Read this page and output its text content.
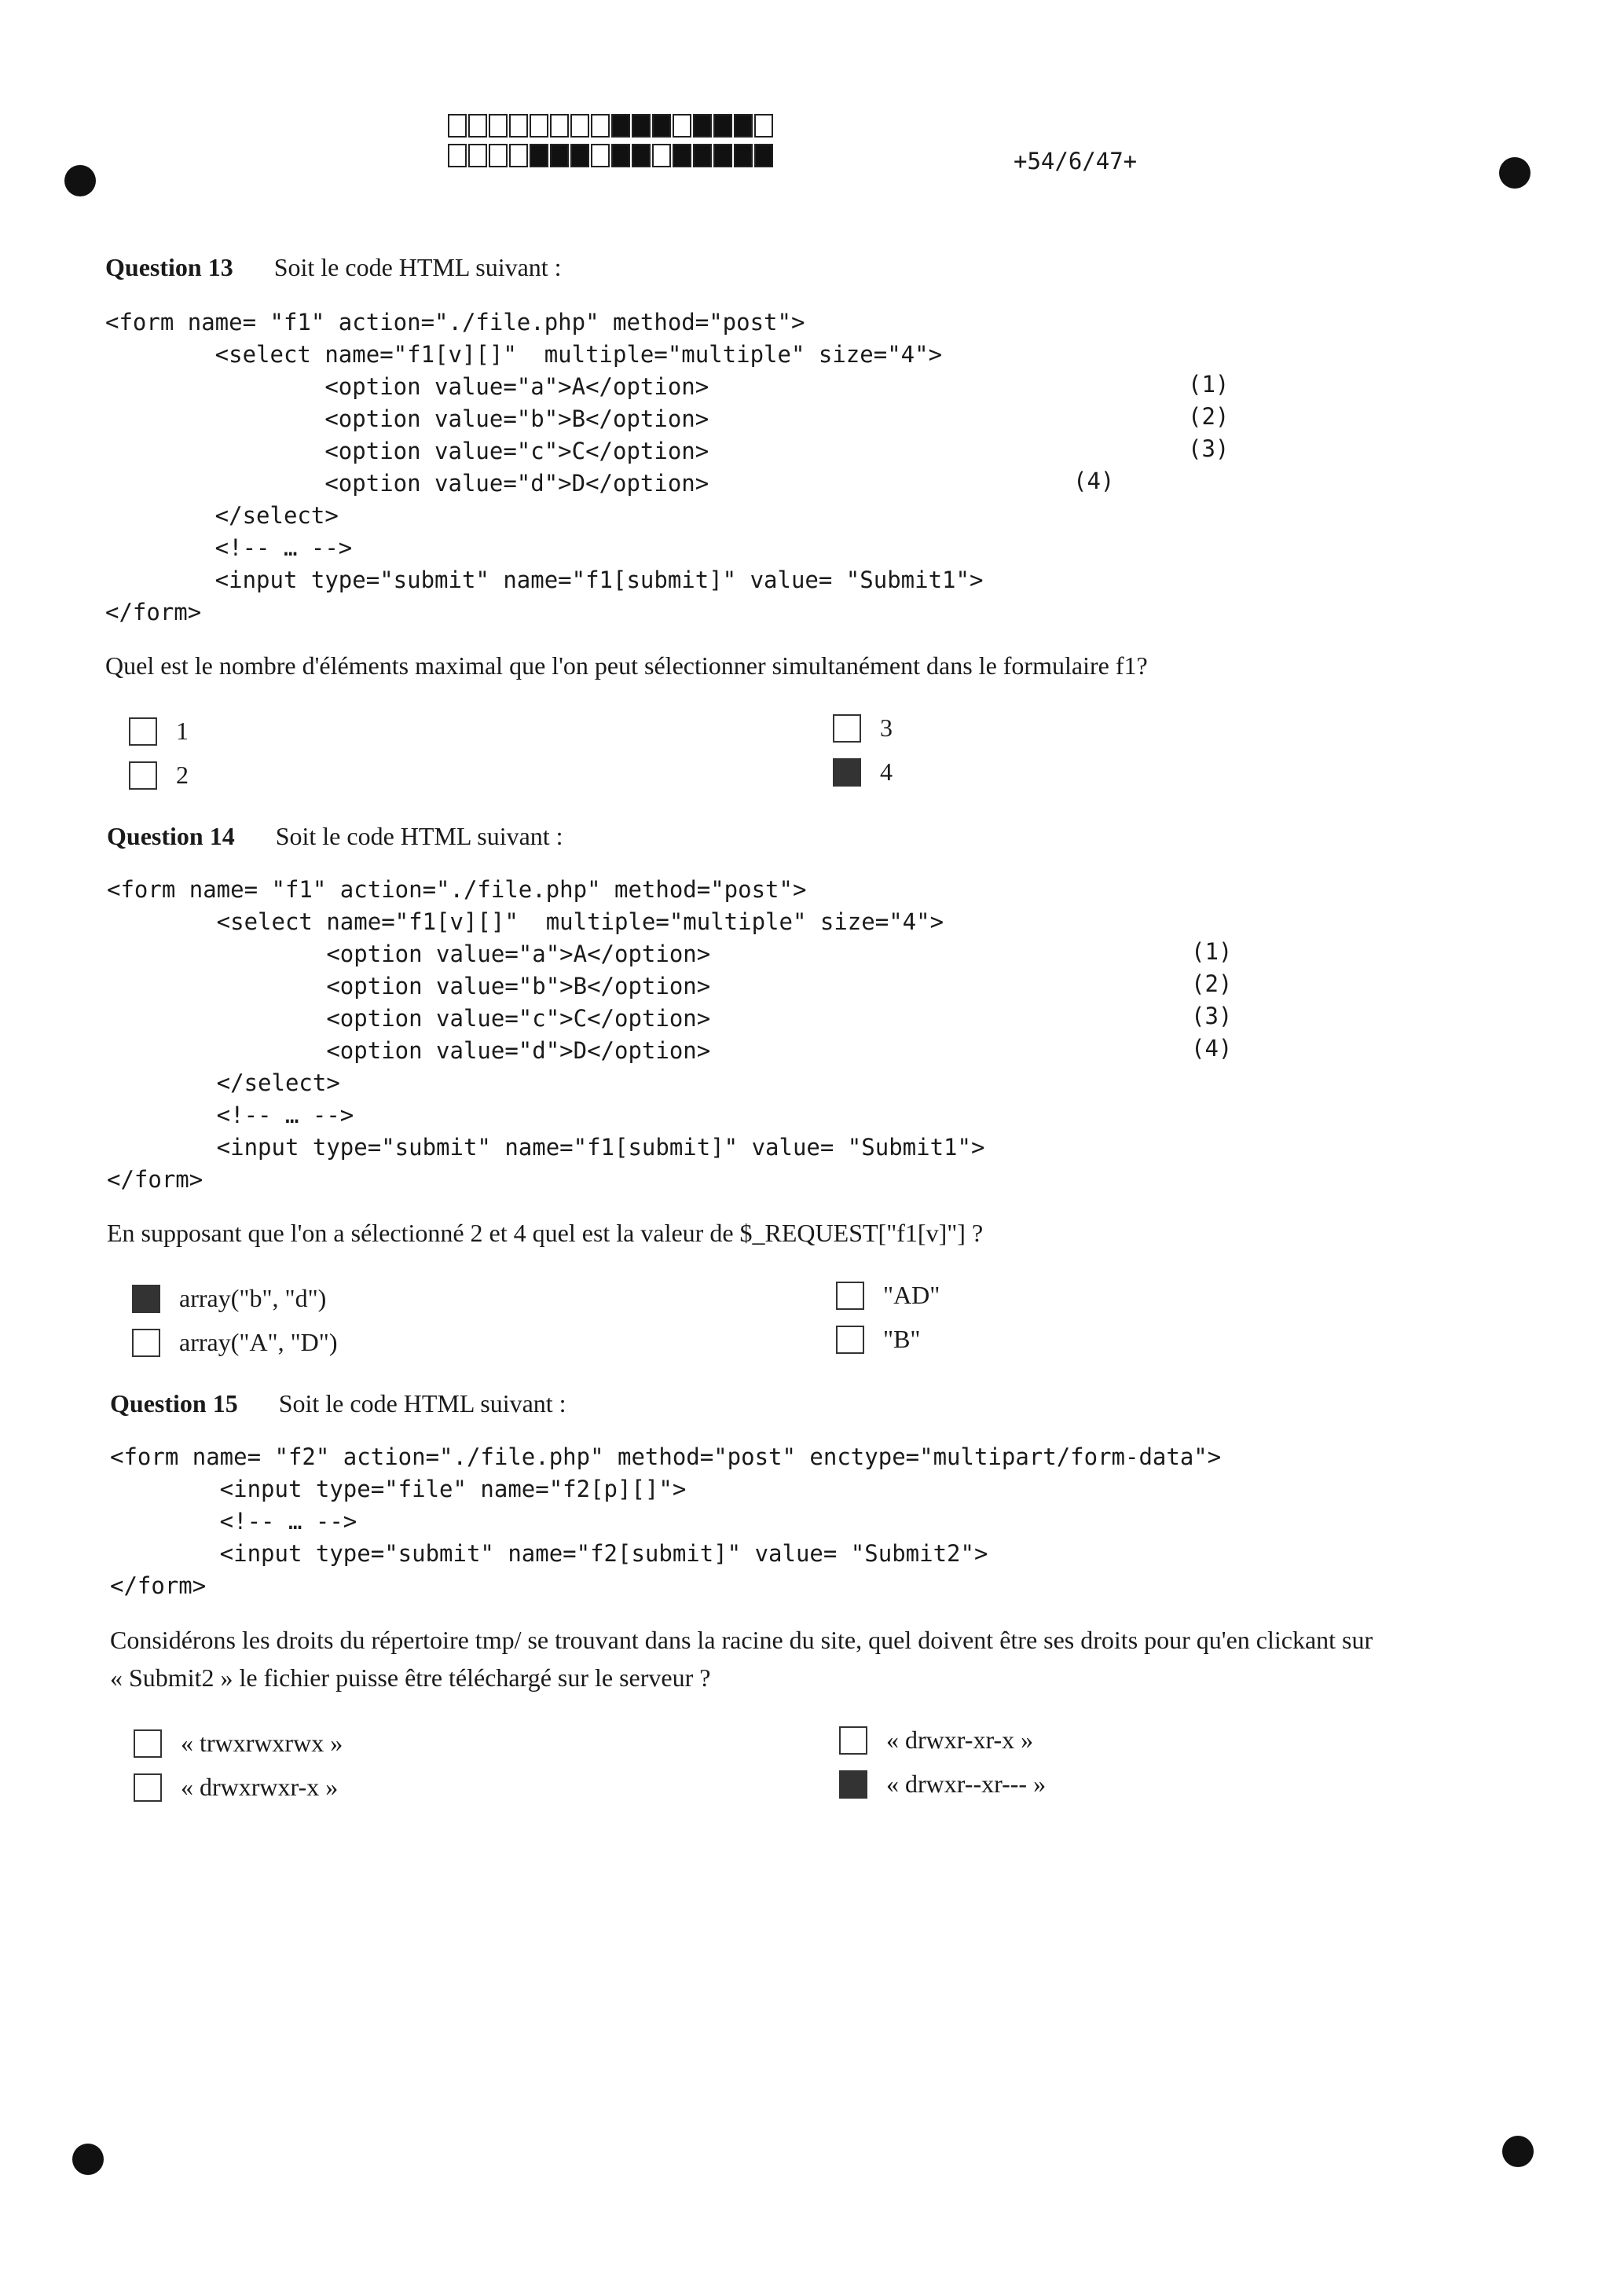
+54/6/47+
Question 13 Soit le code HTML suivant :
<form name= "f1" action="./file.php" method="post">
<select name="f1[v][]"  multiple="multiple" size="4">
<option value="a">A</option>
<option value="b">B</option>
<option value="c">C</option>
<option value="d">D</option>
</select>
<!-- … -->
<input type="submit" name="f1[submit]" value= "Submit1">
</form>
(1)
(2)
(3)
(4)
Quel est le nombre d'éléments maximal que l'on peut sélectionner simultanément dans le formulaire f1?
1
2
3
4
Question 14 Soit le code HTML suivant :
<form name= "f1" action="./file.php" method="post">
<select name="f1[v][]"  multiple="multiple" size="4">
<option value="a">A</option>
<option value="b">B</option>
<option value="c">C</option>
<option value="d">D</option>
</select>
<!-- … -->
<input type="submit" name="f1[submit]" value= "Submit1">
</form>
(1)
(2)
(3)
(4)
En supposant que l'on a sélectionné 2 et 4 quel est la valeur de $_REQUEST["f1[v]"] ?
array("b", "d")
array("A", "D")
"AD"
"B"
Question 15 Soit le code HTML suivant :
<form name= "f2" action="./file.php" method="post" enctype="multipart/form-data">
<input type="file" name="f2[p][]">
<!-- … -->
<input type="submit" name="f2[submit]" value= "Submit2">
</form>
Considérons les droits du répertoire tmp/ se trouvant dans la racine du site, quel doivent être ses droits pour qu'en clickant sur
« Submit2 » le fichier puisse être téléchargé sur le serveur ?
« trwxrwxrwx »
« drwxrwxr-x »
« drwxr-xr-x »
« drwxr--xr--- »
